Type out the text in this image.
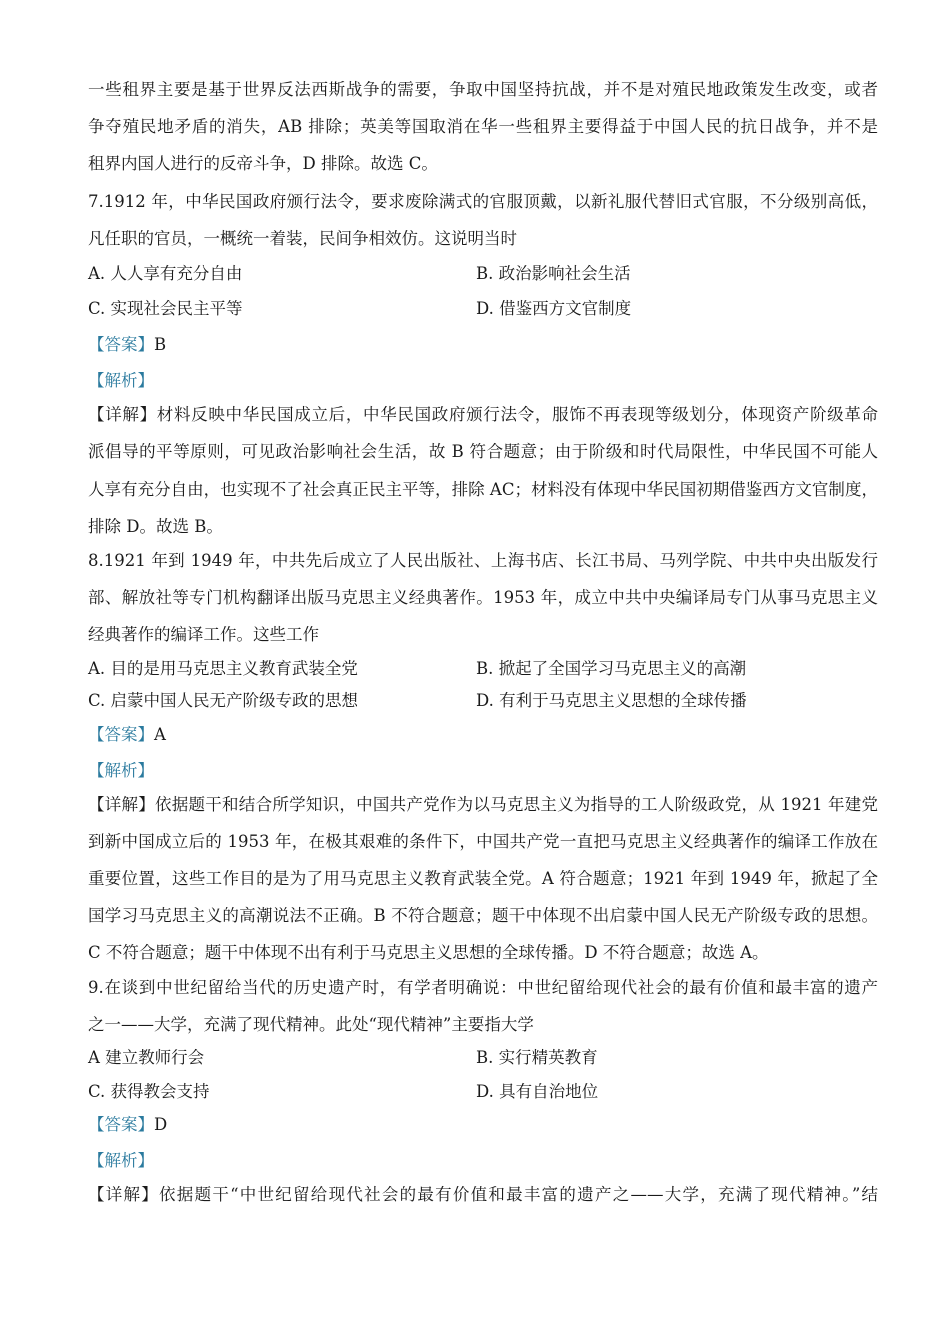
一些租界主要是基于世界反法西斯战争的需要，争取中国坚持抗战，并不是对殖民地政策发生改变，或者
争夺殖民地矛盾的消失，AB 排除；英美等国取消在华一些租界主要得益于中国人民的抗日战争，并不是
租界内国人进行的反帝斗争，D 排除。故选 C。
7.1912 年，中华民国政府颁行法令，要求废除满式的官服顶戴，以新礼服代替旧式官服，不分级别高低，
凡任职的官员，一概统一着装，民间争相效仿。这说明当时
A. 人人享有充分自由	B. 政治影响社会生活
C. 实现社会民主平等	D. 借鉴西方文官制度
【答案】B
【解析】
【详解】材料反映中华民国成立后，中华民国政府颁行法令，服饰不再表现等级划分，体现资产阶级革命
派倡导的平等原则，可见政治影响社会生活，故 B 符合题意；由于阶级和时代局限性，中华民国不可能人
人享有充分自由，也实现不了社会真正民主平等，排除 AC；材料没有体现中华民国初期借鉴西方文官制度，
排除 D。故选 B。
8.1921 年到 1949 年，中共先后成立了人民出版社、上海书店、长江书局、马列学院、中共中央出版发行
部、解放社等专门机构翻译出版马克思主义经典著作。1953 年，成立中共中央编译局专门从事马克思主义
经典著作的编译工作。这些工作
A. 目的是用马克思主义教育武装全党	B. 掀起了全国学习马克思主义的高潮
C. 启蒙中国人民无产阶级专政的思想	D. 有利于马克思主义思想的全球传播
【答案】A
【解析】
【详解】依据题干和结合所学知识，中国共产党作为以马克思主义为指导的工人阶级政党，从 1921 年建党
到新中国成立后的 1953 年，在极其艰难的条件下，中国共产党一直把马克思主义经典著作的编译工作放在
重要位置，这些工作目的是为了用马克思主义教育武装全党。A 符合题意；1921 年到 1949 年，掀起了全
国学习马克思主义的高潮说法不正确。B 不符合题意；题干中体现不出启蒙中国人民无产阶级专政的思想。
C 不符合题意；题干中体现不出有利于马克思主义思想的全球传播。D 不符合题意；故选 A。
9.在谈到中世纪留给当代的历史遗产时，有学者明确说：中世纪留给现代社会的最有价值和最丰富的遗产
之一——大学，充满了现代精神。此处“现代精神”主要指大学
A 建立教师行会	B. 实行精英教育
C. 获得教会支持	D. 具有自治地位
【答案】D
【解析】
【详解】依据题干“中世纪留给现代社会的最有价值和最丰富的遗产之——大学，充满了现代精神。”结
